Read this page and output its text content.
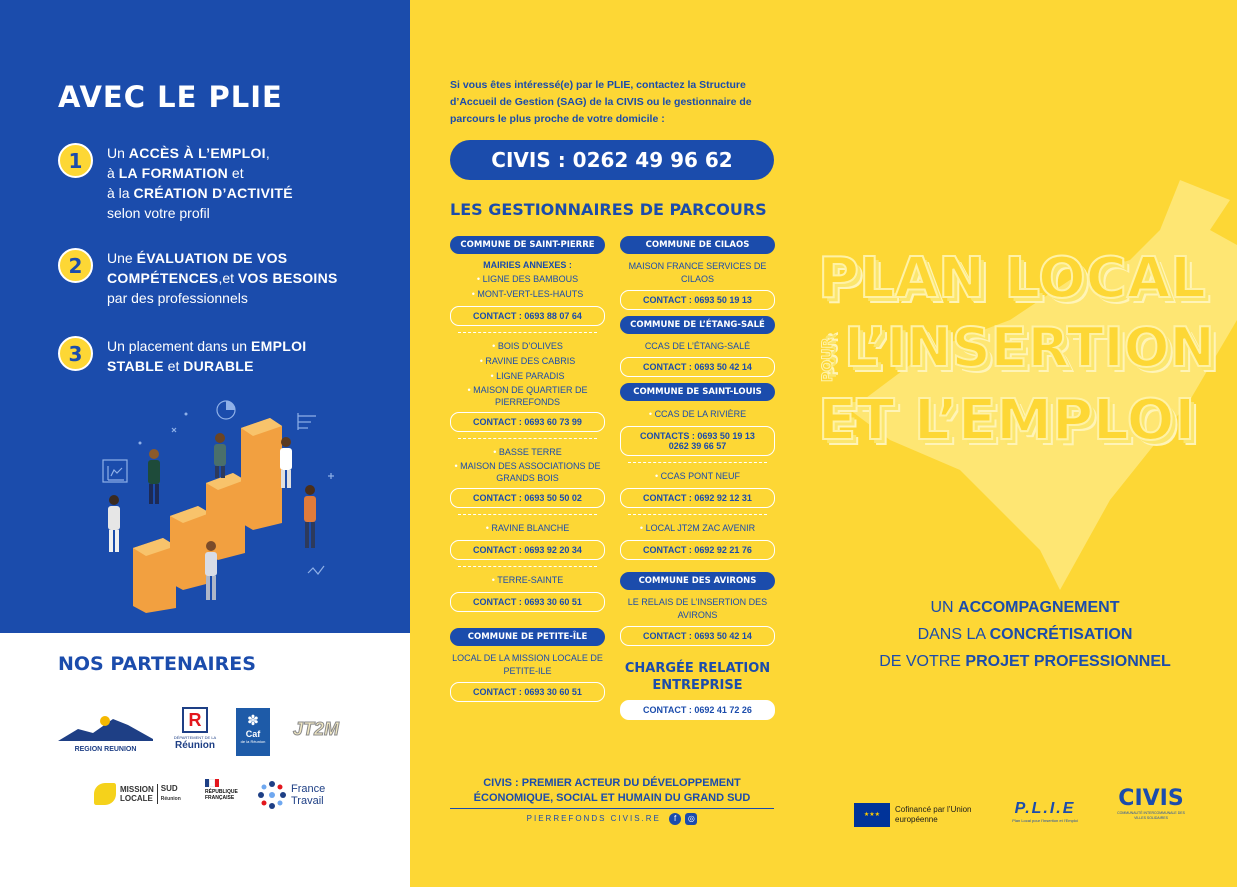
AVEC LE PLIE
1	Un ACCÈS À L’EMPLOI,
à LA FORMATION et
à la CRÉATION D’ACTIVITÉ
selon votre profil
2	Une ÉVALUATION DE VOS
COMPÉTENCES,et VOS BESOINS
par des professionnels
3	Un placement dans un EMPLOI
STABLE et DURABLE
NOS PARTENAIRES
REGION REUNION
R
DÉPARTEMENT DE LA
Réunion
✽
Caf
de la Réunion
JT2M
MISSION
LOCALE
SUD
Réunion
RÉPUBLIQUE FRANÇAISE
France
Travail
Si vous êtes intéressé(e) par le PLIE, contactez la Structure d’Accueil de Gestion (SAG) de la CIVIS ou le gestionnaire de parcours le plus proche de votre domicile :
CIVIS : 0262 49 96 62
LES GESTIONNAIRES DE PARCOURS
COMMUNE DE SAINT-PIERRE
MAIRIES ANNEXES :
• LIGNE DES BAMBOUS
• MONT-VERT-LES-HAUTS
CONTACT : 0693 88 07 64
• BOIS D’OLIVES
• RAVINE DES CABRIS
• LIGNE PARADIS
• MAISON DE QUARTIER DE PIERREFONDS
CONTACT : 0693 60 73 99
• BASSE TERRE
• MAISON DES ASSOCIATIONS DE GRANDS BOIS
CONTACT : 0693 50 50 02
• RAVINE BLANCHE
CONTACT : 0693 92 20 34
• TERRE-SAINTE
CONTACT : 0693 30 60 51
COMMUNE DE PETITE-ÎLE
LOCAL DE LA MISSION LOCALE DE PETITE-ILE
CONTACT : 0693 30 60 51
COMMUNE DE CILAOS
MAISON FRANCE SERVICES DE CILAOS
CONTACT : 0693 50 19 13
COMMUNE DE L’ÉTANG-SALÉ
CCAS DE L’ÉTANG-SALÉ
CONTACT : 0693 50 42 14
COMMUNE DE SAINT-LOUIS
• CCAS DE LA RIVIÈRE
CONTACTS : 0693 50 19 13
0262 39 66 57
• CCAS PONT NEUF
CONTACT : 0692 92 12 31
• LOCAL JT2M ZAC AVENIR
CONTACT : 0692 92 21 76
COMMUNE DES AVIRONS
LE RELAIS DE L’INSERTION DES AVIRONS
CONTACT : 0693 50 42 14
CHARGÉE RELATION ENTREPRISE
CONTACT : 0692 41 72 26
CIVIS : PREMIER ACTEUR DU DÉVELOPPEMENT ÉCONOMIQUE, SOCIAL ET HUMAIN DU GRAND SUD
PIERREFONDS CIVIS.RE f ◎
PLAN LOCAL
POUR L’INSERTION
ET L’EMPLOI
UN ACCOMPAGNEMENT
DANS LA CONCRÉTISATION
DE VOTRE PROJET PROFESSIONNEL
★★★
Cofinancé par l’Union européenne
P.L.I.E
Plan Local pour l’Insertion et l’Emploi
CIVIS
COMMUNAUTÉ INTERCOMMUNALE DES VILLES SOLIDAIRES
